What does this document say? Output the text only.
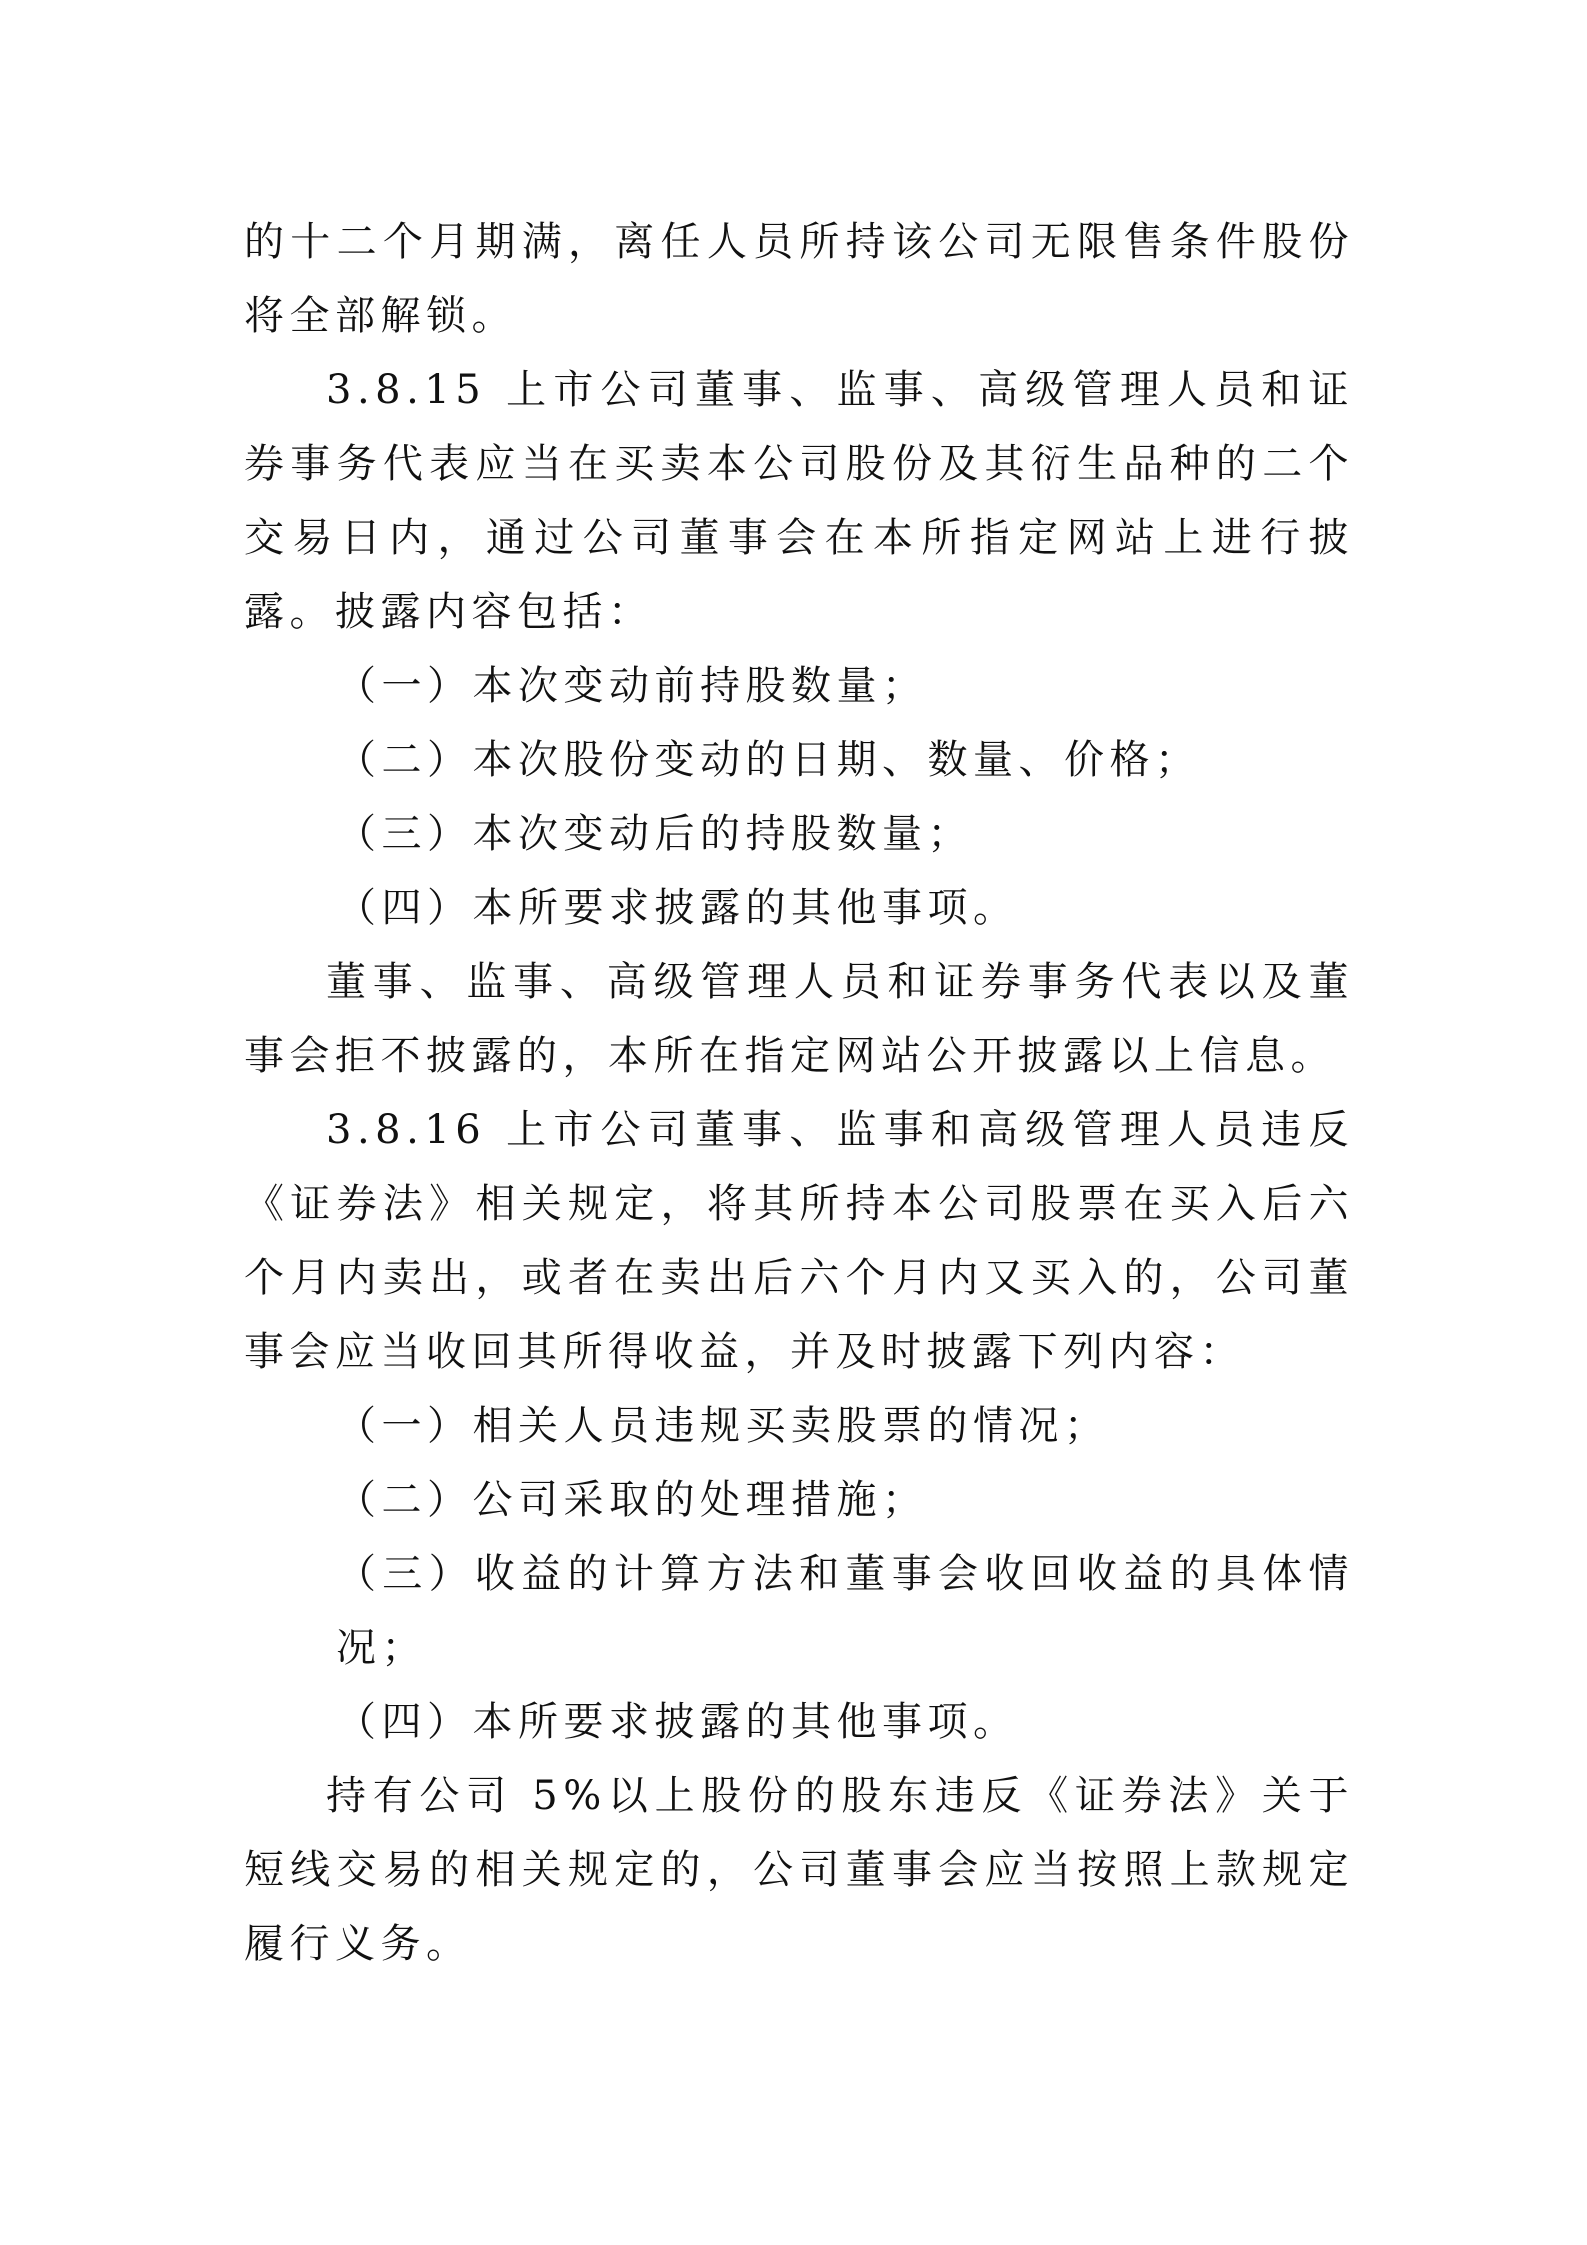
的十二个月期满，离任人员所持该公司无限售条件股份将全部解锁。

3.8.15 上市公司董事、监事、高级管理人员和证券事务代表应当在买卖本公司股份及其衍生品种的二个交易日内，通过公司董事会在本所指定网站上进行披露。披露内容包括：

（一）本次变动前持股数量；

（二）本次股份变动的日期、数量、价格；

（三）本次变动后的持股数量；

（四）本所要求披露的其他事项。

董事、监事、高级管理人员和证券事务代表以及董事会拒不披露的，本所在指定网站公开披露以上信息。

3.8.16 上市公司董事、监事和高级管理人员违反《证券法》相关规定，将其所持本公司股票在买入后六个月内卖出，或者在卖出后六个月内又买入的，公司董事会应当收回其所得收益，并及时披露下列内容：

（一）相关人员违规买卖股票的情况；

（二）公司采取的处理措施；

（三）收益的计算方法和董事会收回收益的具体情况；

（四）本所要求披露的其他事项。

持有公司 5%以上股份的股东违反《证券法》关于短线交易的相关规定的，公司董事会应当按照上款规定履行义务。
